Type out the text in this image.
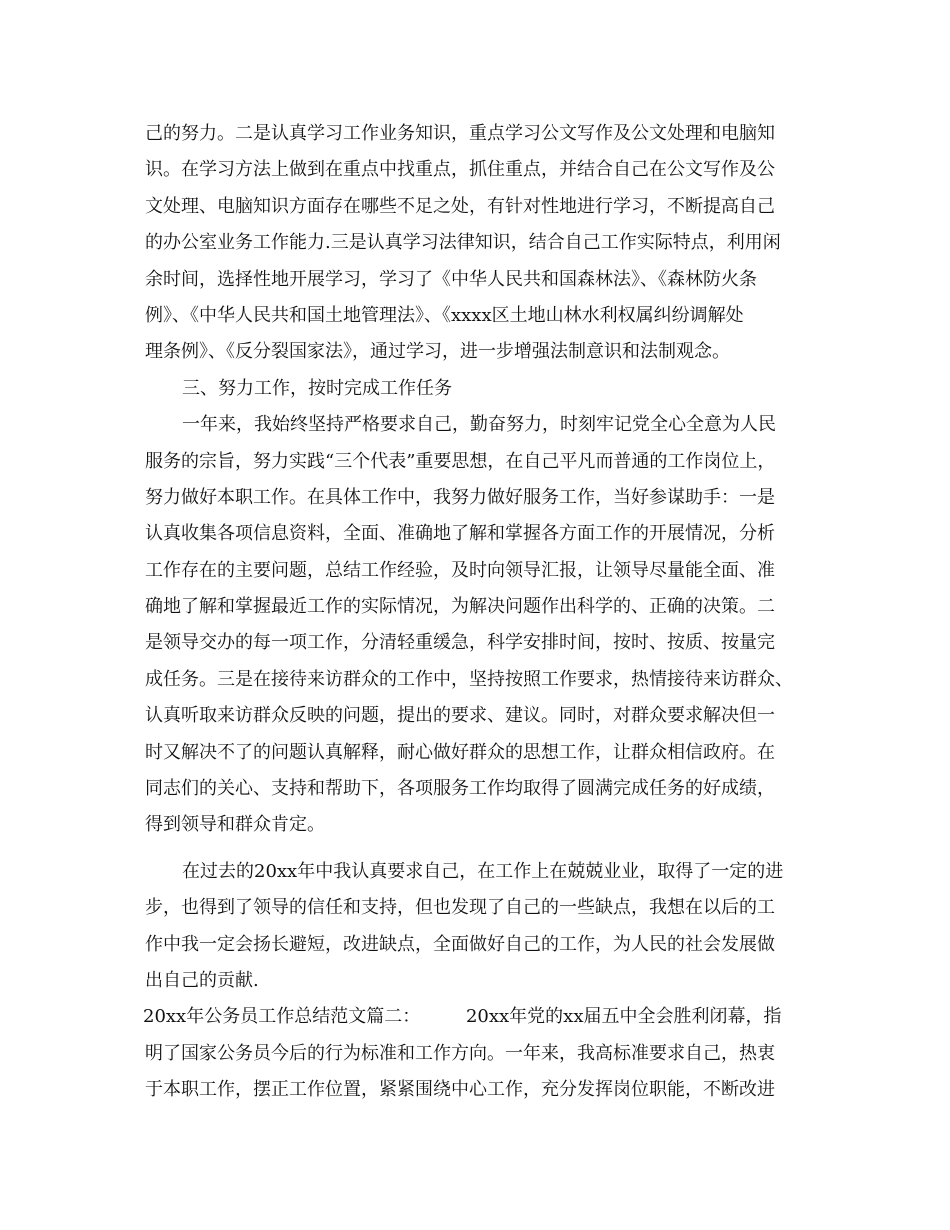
己的努力。二是认真学习工作业务知识，重点学习公文写作及公文处理和电脑知
识。在学习方法上做到在重点中找重点，抓住重点，并结合自己在公文写作及公
文处理、电脑知识方面存在哪些不足之处，有针对性地进行学习，不断提高自己
的办公室业务工作能力.三是认真学习法律知识，结合自己工作实际特点，利用闲
余时间，选择性地开展学习，学习了《中华人民共和国森林法》、《森林防火条
例》、《中华人民共和国土地管理法》、《xxxx区土地山林水利权属纠纷调解处
理条例》、《反分裂国家法》，通过学习，进一步增强法制意识和法制观念。
三、努力工作，按时完成工作任务
一年来，我始终坚持严格要求自己，勤奋努力，时刻牢记党全心全意为人民
服务的宗旨，努力实践“三个代表”重要思想，在自己平凡而普通的工作岗位上，
努力做好本职工作。在具体工作中，我努力做好服务工作，当好参谋助手：一是
认真收集各项信息资料，全面、准确地了解和掌握各方面工作的开展情况，分析
工作存在的主要问题，总结工作经验，及时向领导汇报，让领导尽量能全面、准
确地了解和掌握最近工作的实际情况，为解决问题作出科学的、正确的决策。二
是领导交办的每一项工作，分清轻重缓急，科学安排时间，按时、按质、按量完
成任务。三是在接待来访群众的工作中，坚持按照工作要求，热情接待来访群众、
认真听取来访群众反映的问题，提出的要求、建议。同时，对群众要求解决但一
时又解决不了的问题认真解释，耐心做好群众的思想工作，让群众相信政府。在
同志们的关心、支持和帮助下，各项服务工作均取得了圆满完成任务的好成绩，
得到领导和群众肯定。
在过去的20xx年中我认真要求自己，在工作上在兢兢业业，取得了一定的进
步，也得到了领导的信任和支持，但也发现了自己的一些缺点，我想在以后的工
作中我一定会扬长避短，改进缺点，全面做好自己的工作，为人民的社会发展做
出自己的贡献.
20xx年公务员工作总结范文篇二：        20xx年党的xx届五中全会胜利闭幕，指
明了国家公务员今后的行为标准和工作方向。一年来，我高标准要求自己，热衷
于本职工作，摆正工作位置，紧紧围绕中心工作，充分发挥岗位职能，不断改进
